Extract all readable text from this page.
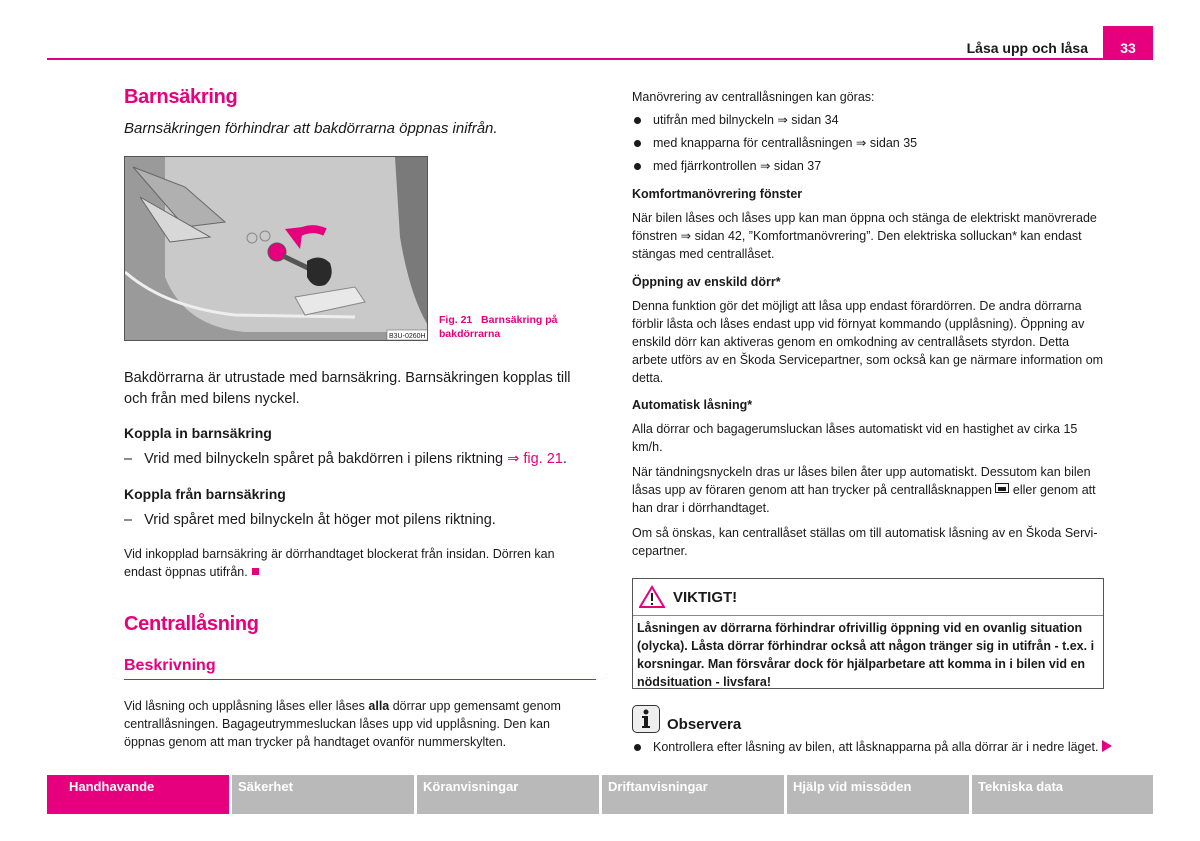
Låsa upp och låsa	33
Barnsäkring
Barnsäkringen förhindrar att bakdörrarna öppnas inifrån.
B3U-0260H
Fig. 21 Barnsäkring på bakdörrarna
Bakdörrarna är utrustade med barnsäkring. Barnsäkringen kopplas till och från med bilens nyckel.
Koppla in barnsäkring
– Vrid med bilnyckeln spåret på bakdörren i pilens riktning ⇒ fig. 21.
Koppla från barnsäkring
– Vrid spåret med bilnyckeln åt höger mot pilens riktning.
Vid inkopplad barnsäkring är dörrhandtaget blockerat från insidan. Dörren kan endast öppnas utifrån.
Centrallåsning
Beskrivning
Vid låsning och upplåsning låses eller låses alla dörrar upp gemensamt genom centrallåsningen. Bagageutrymmesluckan låses upp vid upplåsning. Den kan öppnas genom att man trycker på handtaget ovanför nummerskylten.
Manövrering av centrallåsningen kan göras:
utifrån med bilnyckeln ⇒ sidan 34
med knapparna för centrallåsningen ⇒ sidan 35
med fjärrkontrollen ⇒ sidan 37
Komfortmanövrering fönster
När bilen låses och låses upp kan man öppna och stänga de elektriskt manövrerade fönstren ⇒ sidan 42, ”Komfortmanövrering”. Den elektriska solluckan* kan endast stängas med centrallåset.
Öppning av enskild dörr*
Denna funktion gör det möjligt att låsa upp endast förardörren. De andra dörrarna förblir låsta och låses endast upp vid förnyat kommando (upplåsning). Öppning av enskild dörr kan aktiveras genom en omkodning av centrallåsets styrdon. Detta arbete utförs av en Škoda Servicepartner, som också kan ge närmare information om detta.
Automatisk låsning*
Alla dörrar och bagagerumsluckan låses automatiskt vid en hastighet av cirka 15 km/h.
När tändningsnyckeln dras ur låses bilen åter upp automatiskt. Dessutom kan bilen låsas upp av föraren genom att han trycker på centrallåsknappen eller genom att han drar i dörrhandtaget.
Om så önskas, kan centrallåset ställas om till automatisk låsning av en Škoda Servi-cepartner.
VIKTIGT!
Låsningen av dörrarna förhindrar ofrivillig öppning vid en ovanlig situation (olycka). Låsta dörrar förhindrar också att någon tränger sig in utifrån - t.ex. i korsningar. Man försvårar dock för hjälparbetare att komma in i bilen vid en nödsituation - livsfara!
Observera
Kontrollera efter låsning av bilen, att låsknapparna på alla dörrar är i nedre läget.
Handhavande	Säkerhet	Köranvisningar	Driftanvisningar	Hjälp vid missöden	Tekniska data
